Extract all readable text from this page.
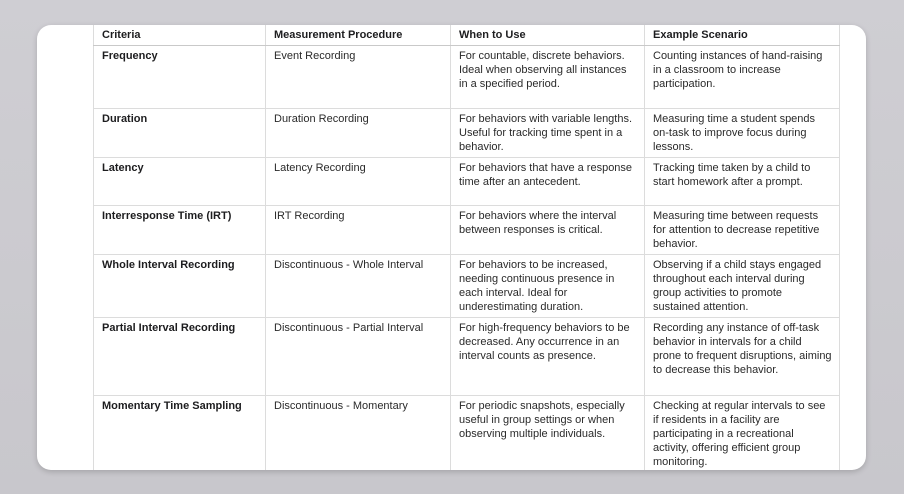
Criteria	Measurement Procedure	When to Use	Example Scenario
Frequency	Event Recording	For countable, discrete behaviors. Ideal when observing all instances in a specified period.	Counting instances of hand-raising in a classroom to increase participation.
Duration	Duration Recording	For behaviors with variable lengths. Useful for tracking time spent in a behavior.	Measuring time a student spends on-task to improve focus during lessons.
Latency	Latency Recording	For behaviors that have a response time after an antecedent.	Tracking time taken by a child to start homework after a prompt.
Interresponse Time (IRT)	IRT Recording	For behaviors where the interval between responses is critical.	Measuring time between requests for attention to decrease repetitive behavior.
Whole Interval Recording	Discontinuous - Whole Interval	For behaviors to be increased, needing continuous presence in each interval. Ideal for underestimating duration.	Observing if a child stays engaged throughout each interval during group activities to promote sustained attention.
Partial Interval Recording	Discontinuous - Partial Interval	For high-frequency behaviors to be decreased. Any occurrence in an interval counts as presence.	Recording any instance of off-task behavior in intervals for a child prone to frequent disruptions, aiming to decrease this behavior.
Momentary Time Sampling	Discontinuous - Momentary	For periodic snapshots, especially useful in group settings or when observing multiple individuals.	Checking at regular intervals to see if residents in a facility are participating in a recreational activity, offering efficient group monitoring.
